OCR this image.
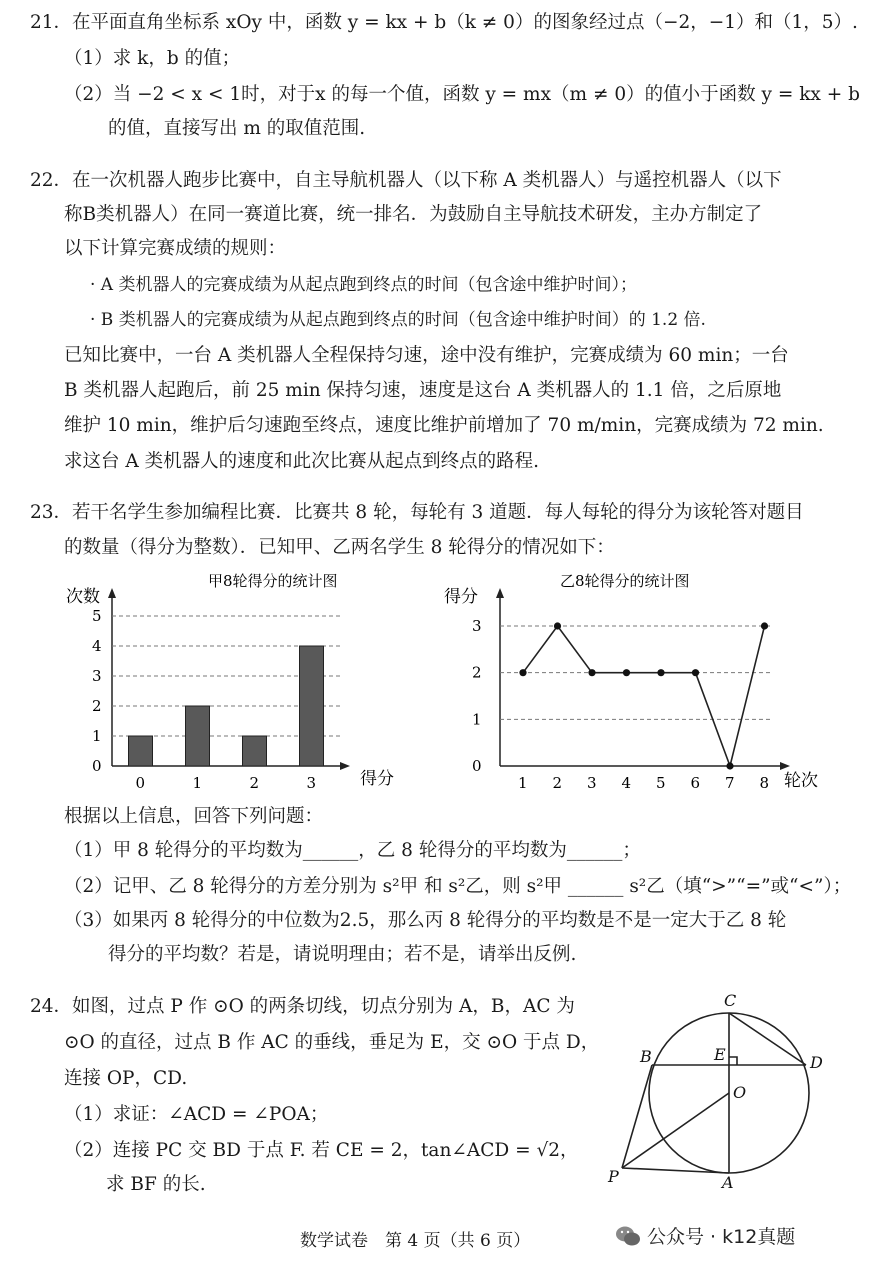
21．在平面直角坐标系 xOy 中，函数 y = kx + b（k ≠ 0）的图象经过点（−2，−1）和（1，5）.
（1）求 k，b 的值；
（2）当 −2 < x < 1时，对于x 的每一个值，函数 y = mx（m ≠ 0）的值小于函数 y = kx + b
的值，直接写出 m 的取值范围.
22．在一次机器人跑步比赛中，自主导航机器人（以下称 A 类机器人）与遥控机器人（以下
称B类机器人）在同一赛道比赛，统一排名．为鼓励自主导航技术研发，主办方制定了
以下计算完赛成绩的规则：
· A 类机器人的完赛成绩为从起点跑到终点的时间（包含途中维护时间）；
· B 类机器人的完赛成绩为从起点跑到终点的时间（包含途中维护时间）的 1.2 倍.
已知比赛中，一台 A 类机器人全程保持匀速，途中没有维护，完赛成绩为 60 min；一台
B 类机器人起跑后，前 25 min 保持匀速，速度是这台 A 类机器人的 1.1 倍，之后原地
维护 10 min，维护后匀速跑至终点，速度比维护前增加了 70 m/min，完赛成绩为 72 min.
求这台 A 类机器人的速度和此次比赛从起点到终点的路程.
23．若干名学生参加编程比赛．比赛共 8 轮，每轮有 3 道题．每人每轮的得分为该轮答对题目
的数量（得分为整数）．已知甲、乙两名学生 8 轮得分的情况如下：
甲8轮得分的统计图
次数
得分
0
1
2
3
4
5
0	1	2	3
乙8轮得分的统计图
得分
轮次
0
1
2
3
1 2 3 4 5 6 7 8
根据以上信息，回答下列问题：
（1）甲 8 轮得分的平均数为______，乙 8 轮得分的平均数为______；
（2）记甲、乙 8 轮得分的方差分别为 s²甲 和 s²乙，则 s²甲 ______ s²乙（填“>”“=”或“<”）；
（3）如果丙 8 轮得分的中位数为2.5，那么丙 8 轮得分的平均数是不是一定大于乙 8 轮
得分的平均数？若是，请说明理由；若不是，请举出反例.
24．如图，过点 P 作 ⊙O 的两条切线，切点分别为 A，B，AC 为
⊙O 的直径，过点 B 作 AC 的垂线，垂足为 E，交 ⊙O 于点 D，
连接 OP，CD.
（1）求证：∠ACD = ∠POA；
（2）连接 PC 交 BD 于点 F. 若 CE = 2，tan∠ACD = √2，
求 BF 的长.
C
B	E	D
O
P	A
数学试卷　第 4 页（共 6 页）	公众号 · k12真题
